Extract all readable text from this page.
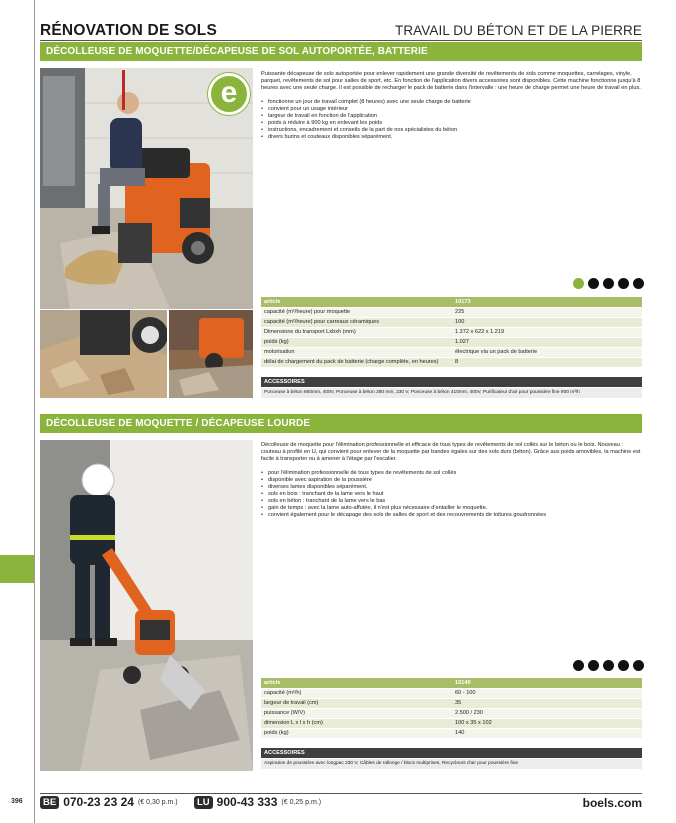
RÉNOVATION DE SOLS	TRAVAIL DU BÉTON ET DE LA PIERRE
DÉCOLLEUSE DE MOQUETTE/DÉCAPEUSE DE SOL AUTOPORTÉE, BATTERIE
e

Puissante décapeuse de sols autoportée pour enlever rapidement une grande diversité de revêtements de sols comme moquettes, carrelages, vinyle, parquet, revêtements de sol pour salles de sport, etc. En fonction de l'application divers accessoires sont disponibles. Cette machine fonctionne jusqu'à 8 heures avec une seule charge. Il est possible de recharger le pack de batterie dans l'intervalle : une heure de charge permet une heure de travail en plus.

• fonctionne un jour de travail complet (8 heures) avec une seule charge de batterie
• convient pour un usage intérieur
• largeur de travail en fonction de l'application
• poids à réduire à 900 kg en enlevant les poids
• instructions, encadrement et conseils de la part de nos spécialistes du béton
• divers burins et couteaux disponibles séparément.
article	10173
capacité (m²/heure) pour moquette	225
capacité (m²/heure) pour carreaux céramiques	100
Dimensions du transport Lxbxh (mm)	1.372 x 622 x 1.219
poids (kg)	1.027
motorisation	électrique via un pack de batterie
délai de chargement du pack de batterie (charge complète, en heures)	8
ACCESSOIRES
Ponceuse à béton 660mm, 400V, Ponceuse à béton 280 mm, 230 V, Ponceuse à béton 410mm, 400V, Purificateur d'air pour poussière fine 900 m³/h
DÉCOLLEUSE DE MOQUETTE / DÉCAPEUSE LOURDE

Décolleuse de moquette pour l'élimination professionnelle et efficace de tous types de revêtements de sol collés sur le béton ou le bois. Nouveau : couteau à profilé en U, qui convient pour enlever de la moquette par bandes égales sur des sols durs (béton). Grâce aux poids amovibles, la machine est facile à transporter ou à amener à l'étage par l'escalier.

• pour l'élimination professionnelle de tous types de revêtements de sol collés
• disponible avec aspiration de la poussière
• diverses lames disponibles séparément.
• sols en bois : tranchant de la lame vers le haut
• sols en béton : tranchant de la lame vers le bas
• gain de temps : avec la lame auto-affutée, il n'est plus nécessaire d'entailler le moquette.
• convient également pour le décapage des sols de salles de sport et des recouvrements de toitures goudronnées
article	10140
capacité (m²/h)	60 - 100
largeur de travail (cm)	35
puissance (W/V)	2.500 / 230
dimension L x l x h (cm)	100 x 35 x 102
poids (kg)	140
ACCESSOIRES
Aspiration de poussière avec longpac 230 V, Câbles de rallonge / blocs multiprises, Recycleurs d'air pour poussière fine
396	BE 070-23 23 24 (€ 0,30 p.m.)	LU 900-43 333 (€ 0,25 p.m.)	boels.com
